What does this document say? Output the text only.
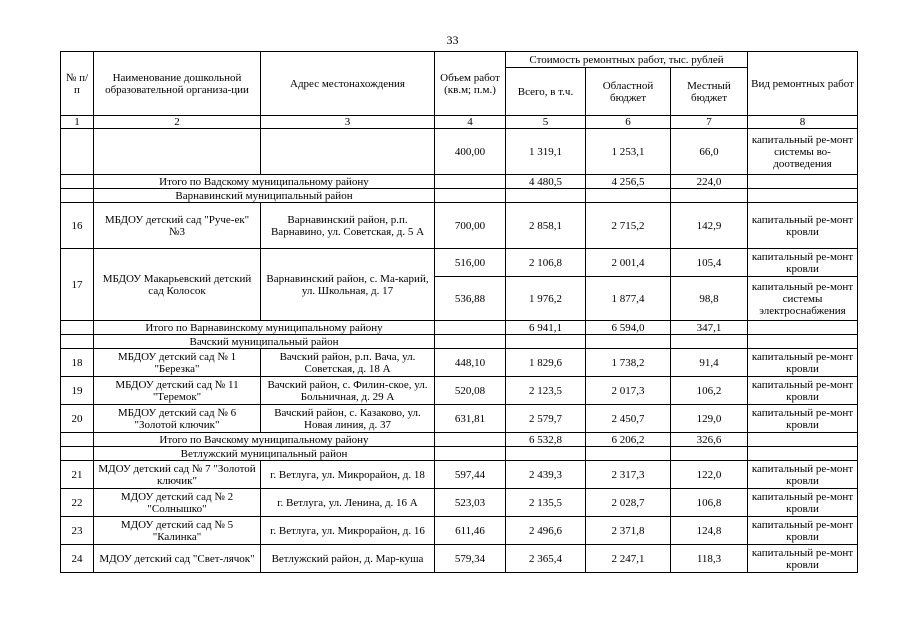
33
№ п/п	Наименование дошкольной образовательной организа-ции	Адрес местонахождения	Объем работ (кв.м; п.м.)	Стоимость ремонтных работ, тыс. рублей			Вид ремонтных работ
				Всего, в т.ч.	Областной бюджет	Местный бюджет	
1	2	3	4	5	6	7	8
			400,00	1 319,1	1 253,1	66,0	капитальный ре-монт системы во-доотведения
	Итого по Вадскому муниципальному району			4 480,5	4 256,5	224,0	
	Варнавинский муниципальный район						
16	МБДОУ детский сад "Руче-ек" №3	Варнавинский район, р.п. Варнавино, ул. Советская, д. 5 А	700,00	2 858,1	2 715,2	142,9	капитальный ре-монт кровли
17	МБДОУ Макарьевский детский сад Колосок	Варнавинский район, с. Ма-карий, ул. Школьная, д. 17	516,00	2 106,8	2 001,4	105,4	капитальный ре-монт кровли
			536,88	1 976,2	1 877,4	98,8	капитальный ре-монт системы электроснабжения
	Итого по Варнавинскому муниципальному району			6 941,1	6 594,0	347,1	
	Вачский муниципальный район						
18	МБДОУ детский сад № 1 "Березка"	Вачский район, р.п. Вача, ул. Советская, д. 18 А	448,10	1 829,6	1 738,2	91,4	капитальный ре-монт кровли
19	МБДОУ детский сад № 11 "Теремок"	Вачский район, с. Филин-ское, ул. Больничная, д. 29 А	520,08	2 123,5	2 017,3	106,2	капитальный ре-монт кровли
20	МБДОУ детский сад № 6 "Золотой ключик"	Вачский район, с. Казаково, ул. Новая линия, д. 37	631,81	2 579,7	2 450,7	129,0	капитальный ре-монт кровли
	Итого по Вачскому муниципальному району			6 532,8	6 206,2	326,6	
	Ветлужский муниципальный район						
21	МДОУ детский сад № 7 "Золотой ключик"	г. Ветлуга, ул. Микрорайон, д. 18	597,44	2 439,3	2 317,3	122,0	капитальный ре-монт кровли
22	МДОУ детский сад № 2 "Солнышко"	г. Ветлуга, ул. Ленина, д. 16 А	523,03	2 135,5	2 028,7	106,8	капитальный ре-монт кровли
23	МДОУ детский сад № 5 "Калинка"	г. Ветлуга, ул. Микрорайон, д. 16	611,46	2 496,6	2 371,8	124,8	капитальный ре-монт кровли
24	МДОУ детский сад "Свет-лячок"	Ветлужский район, д. Мар-куша	579,34	2 365,4	2 247,1	118,3	капитальный ре-монт кровли
